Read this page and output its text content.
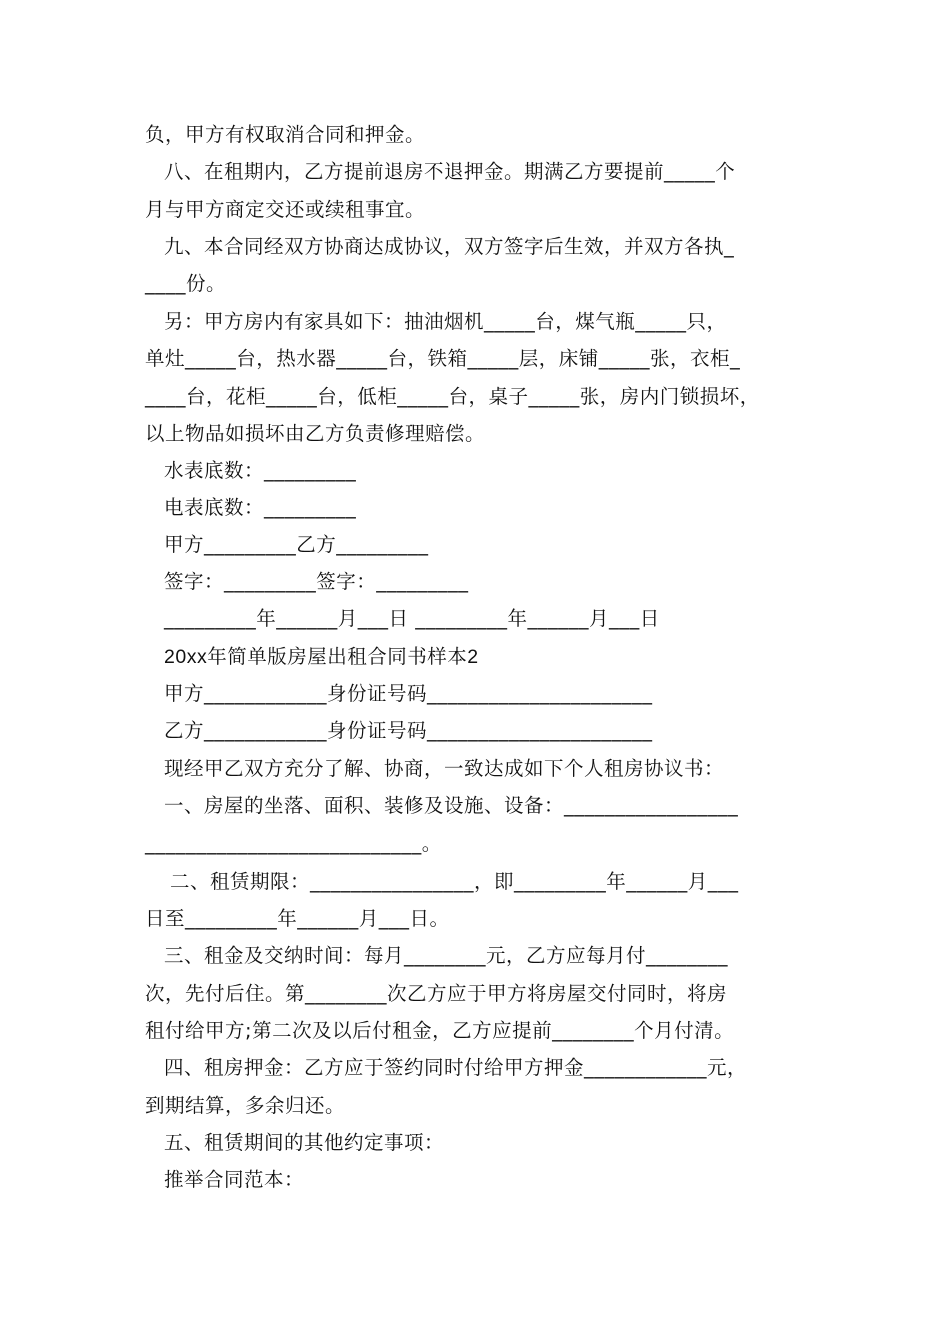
负，甲方有权取消合同和押金。
八、在租期内，乙方提前退房不退押金。期满乙方要提前_____个
月与甲方商定交还或续租事宜。
九、本合同经双方协商达成协议，双方签字后生效，并双方各执_
____份。
另：甲方房内有家具如下：抽油烟机_____台，煤气瓶_____只，
单灶_____台，热水器_____台，铁箱_____层，床铺_____张，衣柜_
____台，花柜_____台，低柜_____台，桌子_____张，房内门锁损坏，
以上物品如损坏由乙方负责修理赔偿。
水表底数：_________
电表底数：_________
甲方_________乙方_________
签字：_________签字：_________
_________年______月___日 _________年______月___日
20xx年简单版房屋出租合同书样本2
甲方____________身份证号码______________________
乙方____________身份证号码______________________
现经甲乙双方充分了解、协商，一致达成如下个人租房协议书：
一、房屋的坐落、面积、装修及设施、设备：_________________
___________________________。
二、租赁期限：________________，即_________年______月___
日至_________年______月___日。
三、租金及交纳时间：每月________元，乙方应每月付________
次，先付后住。第________次乙方应于甲方将房屋交付同时，将房
租付给甲方;第二次及以后付租金，乙方应提前________个月付清。
四、租房押金：乙方应于签约同时付给甲方押金____________元，
到期结算，多余归还。
五、租赁期间的其他约定事项：
推举合同范本：
